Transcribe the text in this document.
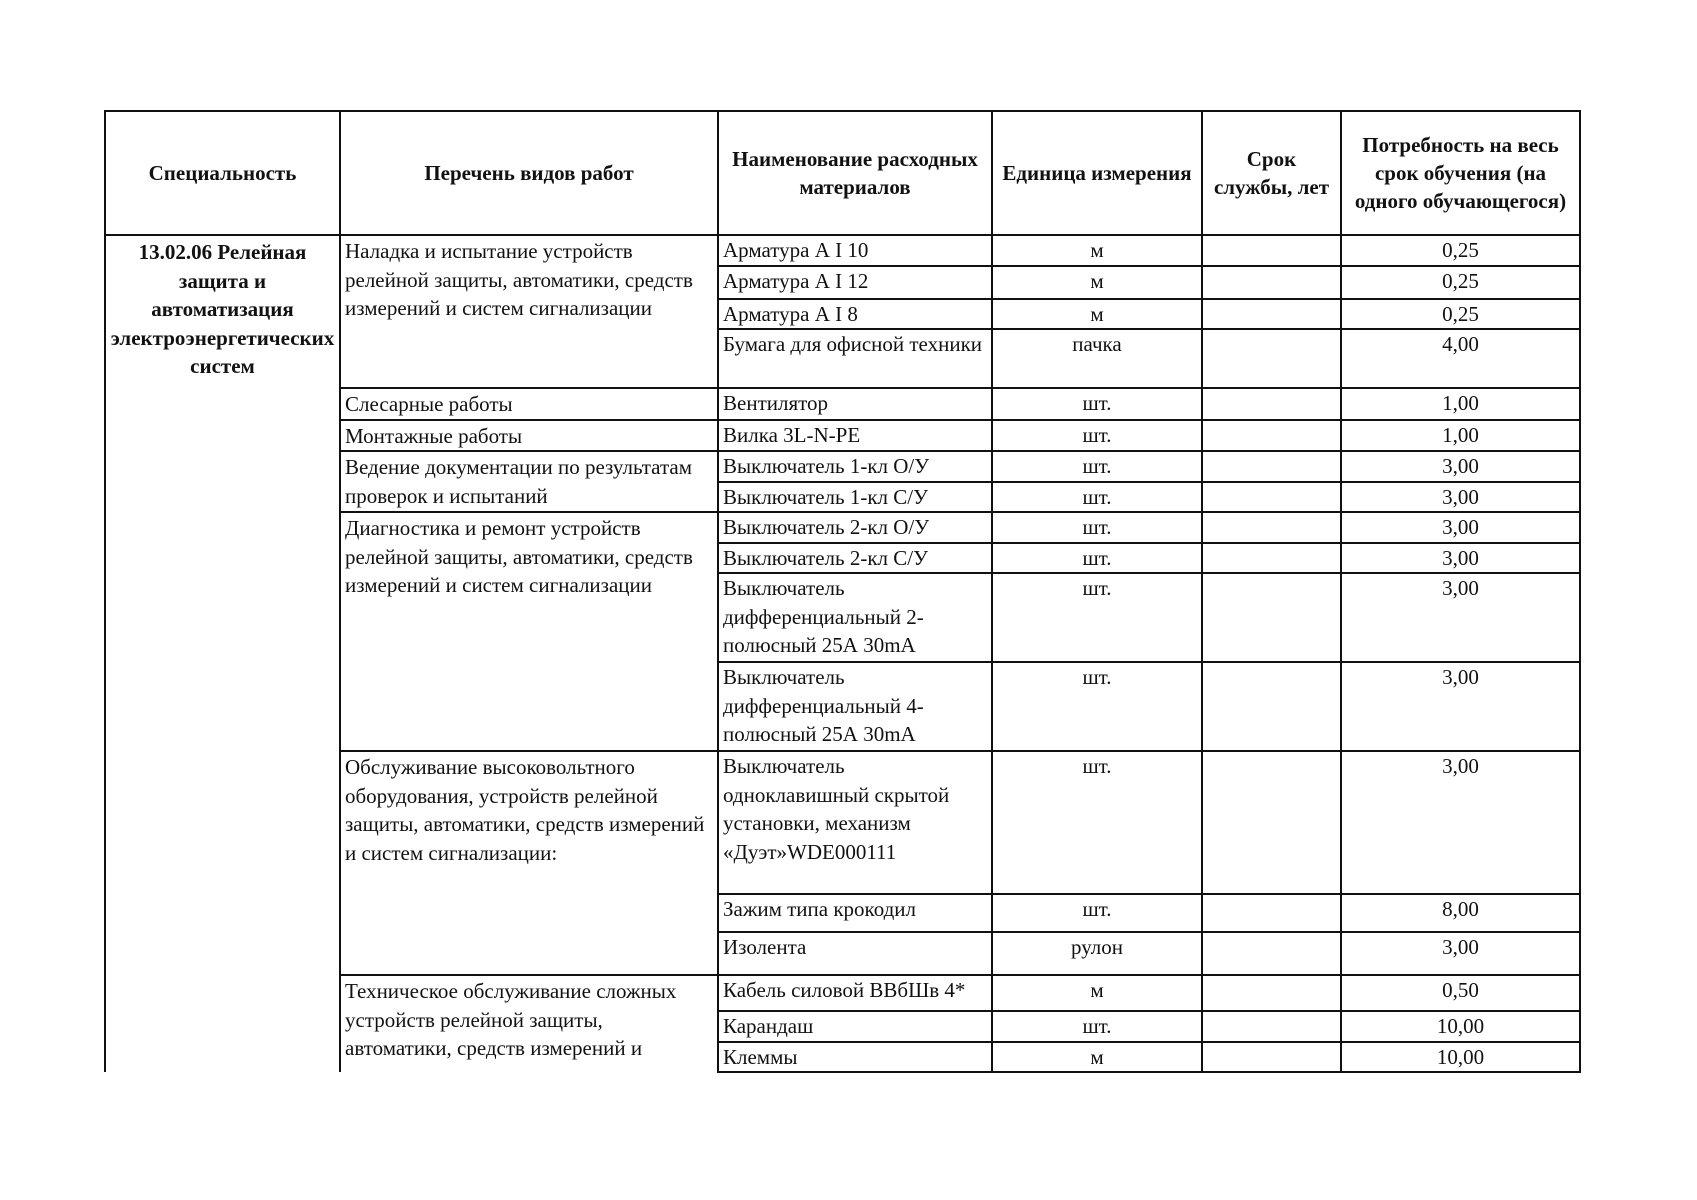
Специальность	Перечень видов работ	Наименование расходных материалов	Единица измерения	Срок службы, лет	Потребность на весь срок обучения (на одного обучающегося)
13.02.06 Релейная защита и автоматизация электроэнергетических систем	Наладка и испытание устройств релейной защиты, автоматики, средств измерений и систем сигнализации	Арматура А I 10	м		0,25
		Арматура А I 12	м		0,25
		Арматура А I 8	м		0,25
		Бумага для офисной техники	пачка		4,00
	Слесарные работы	Вентилятор	шт.		1,00
	Монтажные работы	Вилка 3L-N-PE	шт.		1,00
	Ведение документации по результатам проверок и испытаний	Выключатель 1-кл О/У	шт.		3,00
		Выключатель 1-кл С/У	шт.		3,00
	Диагностика и ремонт устройств релейной защиты, автоматики, средств измерений и систем сигнализации	Выключатель 2-кл О/У	шт.		3,00
		Выключатель 2-кл С/У	шт.		3,00
		Выключатель дифференциальный 2-полюсный 25А 30mA	шт.		3,00
		Выключатель дифференциальный 4-полюсный 25А 30mA	шт.		3,00
	Обслуживание высоковольтного оборудования, устройств релейной защиты, автоматики, средств измерений и систем сигнализации:	Выключатель одноклавишный скрытой установки, механизм «Дуэт»WDE000111	шт.		3,00
		Зажим типа крокодил	шт.		8,00
		Изолента	рулон		3,00
	Техническое обслуживание сложных устройств релейной защиты, автоматики, средств измерений и	Кабель силовой ВВбШв 4*	м		0,50
		Карандаш	шт.		10,00
		Клеммы	м		10,00
